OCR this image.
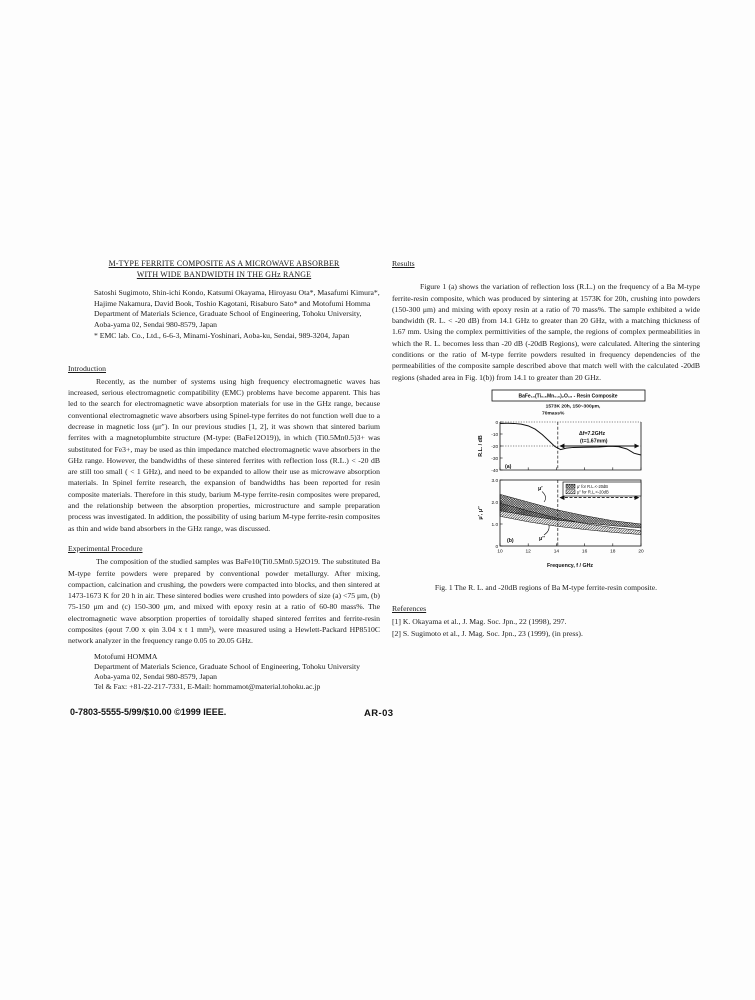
M-TYPE FERRITE COMPOSITE AS A MICROWAVE ABSORBER
WITH WIDE BANDWIDTH IN THE GHz RANGE
Satoshi Sugimoto, Shin-ichi Kondo, Katsumi Okayama, Hiroyasu Ota*, Masafumi Kimura*,
Hajime Nakamura, David Book, Toshio Kagotani, Risaburo Sato* and Motofumi Homma
Department of Materials Science, Graduate School of Engineering, Tohoku University,
Aoba-yama 02, Sendai 980-8579, Japan
* EMC lab. Co., Ltd., 6-6-3, Minami-Yoshinari, Aoba-ku, Sendai, 989-3204, Japan
Introduction
Recently, as the number of systems using high frequency electromagnetic waves has increased, serious electromagnetic compatibility (EMC) problems have become apparent. This has led to the search for electromagnetic wave absorption materials for use in the GHz range, because conventional electromagnetic wave absorbers using Spinel-type ferrites do not function well due to a decrease in magnetic loss (μr″). In our previous studies [1, 2], it was shown that sintered barium ferrites with a magnetoplumbite structure (M-type: (BaFe12O19)), in which (Ti0.5Mn0.5)3+ was substituted for Fe3+, may be used as thin impedance matched electromagnetic wave absorbers in the GHz range. However, the bandwidths of these sintered ferrites with reflection loss (R.L.) < -20 dB are still too small ( < 1 GHz), and need to be expanded to allow their use as microwave absorption materials. In Spinel ferrite research, the expansion of bandwidths has been reported for resin composite materials. Therefore in this study, barium M-type ferrite-resin composites were prepared, and the relationship between the absorption properties, microstructure and sample preparation process was investigated. In addition, the possibility of using barium M-type ferrite-resin composites as thin and wide band absorbers in the GHz range, was discussed.
Experimental Procedure
The composition of the studied samples was BaFe10(Ti0.5Mn0.5)2O19. The substituted Ba M-type ferrite powders were prepared by conventional powder metallurgy. After mixing, compaction, calcination and crushing, the powders were compacted into blocks, and then sintered at 1473-1673 K for 20 h in air. These sintered bodies were crushed into powders of size (a) <75 μm, (b) 75-150 μm and (c) 150-300 μm, and mixed with epoxy resin at a ratio of 60-80 mass%. The electromagnetic wave absorption properties of toroidally shaped sintered ferrites and ferrite-resin composites (φout 7.00 x φin 3.04 x t 1 mm³), were measured using a Hewlett-Packard HP8510C network analyzer in the frequency range 0.05 to 20.05 GHz.
Motofumi HOMMA
Department of Materials Science, Graduate School of Engineering, Tohoku University
Aoba-yama 02, Sendai 980-8579, Japan
Tel & Fax: +81-22-217-7331, E-Mail: hommamot@material.tohoku.ac.jp
Results
Figure 1 (a) shows the variation of reflection loss (R.L.) on the frequency of a Ba M-type ferrite-resin composite, which was produced by sintering at 1573K for 20h, crushing into powders (150-300 μm) and mixing with epoxy resin at a ratio of 70 mass%. The sample exhibited a wide bandwidth (R. L. < -20 dB) from 14.1 GHz to greater than 20 GHz, with a matching thickness of 1.67 mm. Using the complex permittivities of the sample, the regions of complex permeabilities in which the R. L. becomes less than -20 dB (-20dB Regions), were calculated. Altering the sintering conditions or the ratio of M-type ferrite powders resulted in frequency dependencies of the permeabilities of the composite sample described above that match well with the calculated -20dB regions (shaded area in Fig. 1(b)) from 14.1 to greater than 20 GHz.
0
-10
-20
-30
-40
0
1.0
2.0
3.0
10	12	14	16	18	20
BaFe₁₀(Ti₀.₅Mn₀.₅)₂O₁₉ - Resin Composite
1573K 20h, 150~300μm,
70mass%
R.L. / dB
μ′, μ″
Frequency, f / GHz
(a)
(b)
Δf=7.2GHz
(t=1.67mm)
μ′ for R.L.<-20dB
μ″ for R.L.<-20dB
μ′
μ″
Fig. 1 The R. L. and -20dB regions of Ba M-type ferrite-resin composite.
References
[1] K. Okayama et al., J. Mag. Soc. Jpn., 22 (1998), 297.
[2] S. Sugimoto et al., J. Mag. Soc. Jpn., 23 (1999), (in press).
0-7803-5555-5/99/$10.00 ©1999 IEEE.	AR-03
